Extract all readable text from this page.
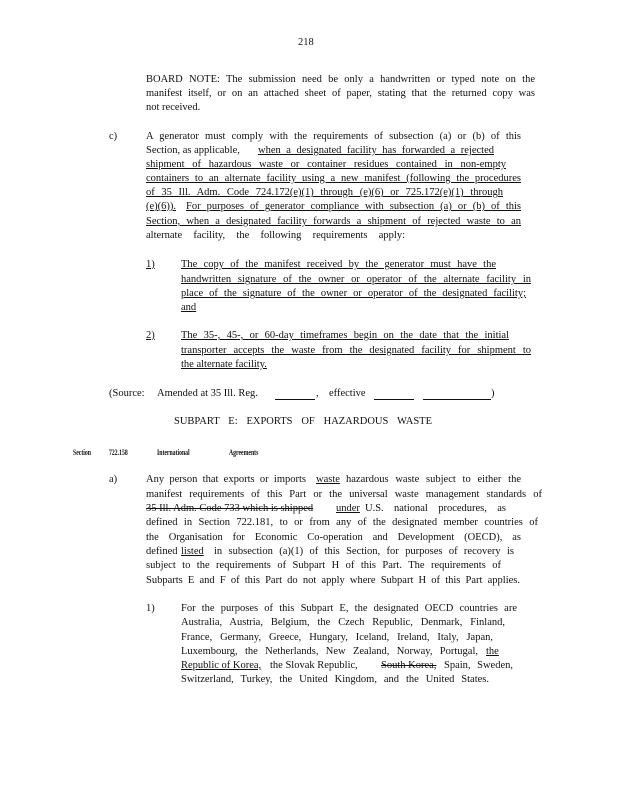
218
BOARD NOTE: The submission need be only a handwritten or typed note on the
manifest itself, or on an attached sheet of paper, stating that the returned copy was
not received.
c)	A generator must comply with the requirements of subsection (a) or (b) of this
Section, as applicable, when a designated facility has forwarded a rejected
shipment of hazardous waste or container residues contained in non-empty
containers to an alternate facility using a new manifest (following the procedures
of 35 Ill. Adm. Code 724.172(e)(1) through (e)(6) or 725.172(e)(1) through
(e)(6)). For purposes of generator compliance with subsection (a) or (b) of this
Section, when a designated facility forwards a shipment of rejected waste to an
alternate facility, the following requirements apply:
1)	The copy of the manifest received by the generator must have the
handwritten signature of the owner or operator of the alternate facility in
place of the signature of the owner or operator of the designated facility;
and
2)	The 35-, 45-, or 60-day timeframes begin on the date that the initial
transporter accepts the waste from the designated facility for shipment to
the alternate facility.
(Source: Amended at 35 Ill. Reg.	, effective	)
SUBPART E: EXPORTS OF HAZARDOUS WASTE
Section 722.158	International	Agreements
a)	Any person that exports or imports waste hazardous waste subject to either the
manifest requirements of this Part or the universal waste management standards of
35 Ill. Adm. Code 733 which is shipped under U.S. national procedures, as
defined in Section 722.181, to or from any of the designated member countries of
the Organisation for Economic Co-operation and Development (OECD), as
defined listed in subsection (a)(1) of this Section, for purposes of recovery is
subject to the requirements of Subpart H of this Part. The requirements of
Subparts E and F of this Part do not apply where Subpart H of this Part applies.
1)	For the purposes of this Subpart E, the designated OECD countries are
Australia, Austria, Belgium, the Czech Republic, Denmark, Finland,
France, Germany, Greece, Hungary, Iceland, Ireland, Italy, Japan,
Luxembourg, the Netherlands, New Zealand, Norway, Portugal, the
Republic of Korea, the Slovak Republic, South Korea, Spain, Sweden,
Switzerland, Turkey, the United Kingdom, and the United States.
